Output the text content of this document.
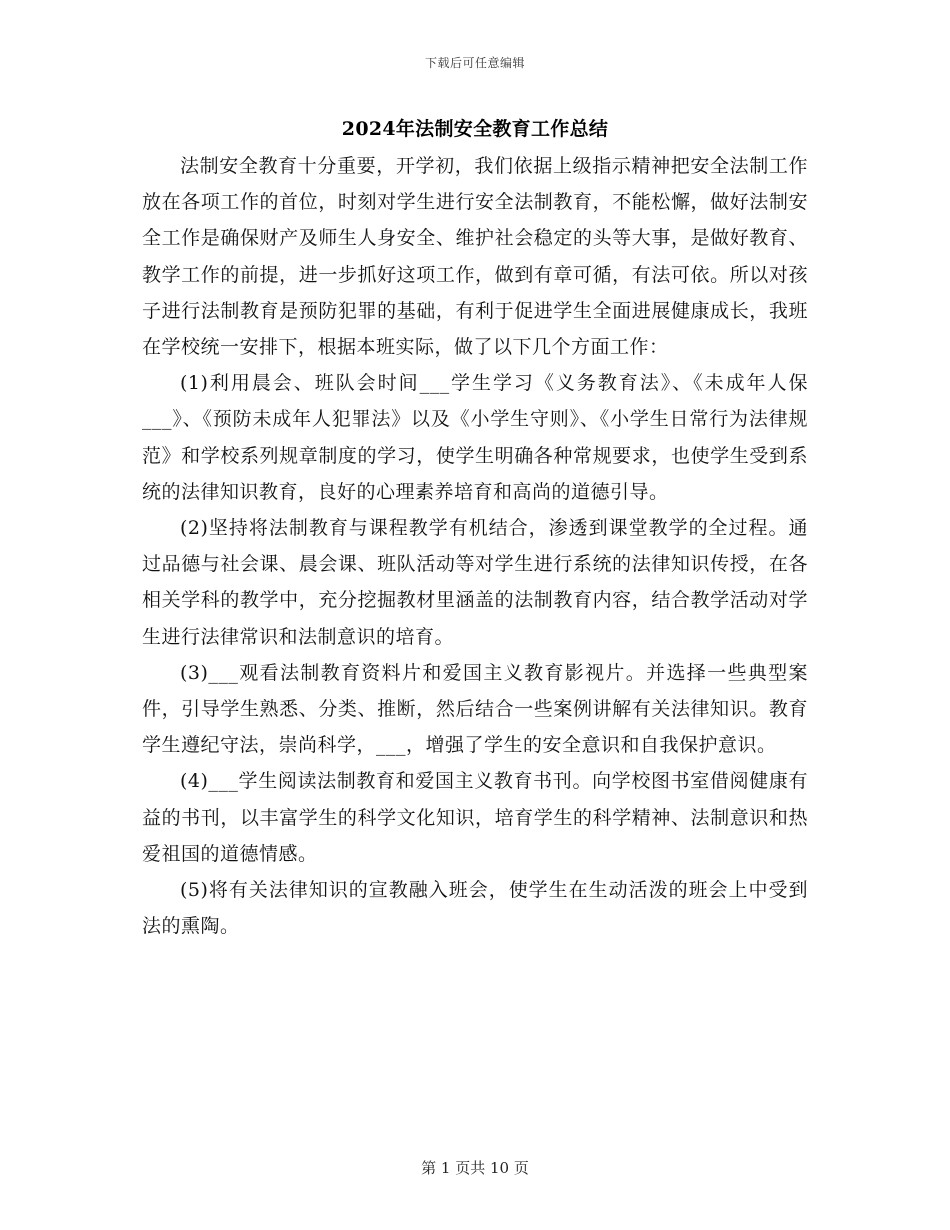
下载后可任意编辑
2024年法制安全教育工作总结

法制安全教育十分重要，开学初，我们依据上级指示精神把安全法制工作放在各项工作的首位，时刻对学生进行安全法制教育，不能松懈，做好法制安全工作是确保财产及师生人身安全、维护社会稳定的头等大事，是做好教育、教学工作的前提，进一步抓好这项工作，做到有章可循，有法可依。所以对孩子进行法制教育是预防犯罪的基础，有利于促进学生全面进展健康成长，我班在学校统一安排下，根据本班实际，做了以下几个方面工作：

(1)利用晨会、班队会时间___学生学习《义务教育法》、《未成年人保___》、《预防未成年人犯罪法》以及《小学生守则》、《小学生日常行为法律规范》和学校系列规章制度的学习，使学生明确各种常规要求，也使学生受到系统的法律知识教育，良好的心理素养培育和高尚的道德引导。

(2)坚持将法制教育与课程教学有机结合，渗透到课堂教学的全过程。通过品德与社会课、晨会课、班队活动等对学生进行系统的法律知识传授，在各相关学科的教学中，充分挖掘教材里涵盖的法制教育内容，结合教学活动对学生进行法律常识和法制意识的培育。

(3)___观看法制教育资料片和爱国主义教育影视片。并选择一些典型案件，引导学生熟悉、分类、推断，然后结合一些案例讲解有关法律知识。教育学生遵纪守法，崇尚科学，___，增强了学生的安全意识和自我保护意识。

(4)___学生阅读法制教育和爱国主义教育书刊。向学校图书室借阅健康有益的书刊，以丰富学生的科学文化知识，培育学生的科学精神、法制意识和热爱祖国的道德情感。

(5)将有关法律知识的宣教融入班会，使学生在生动活泼的班会上中受到法的熏陶。

第 1 页共 10 页
